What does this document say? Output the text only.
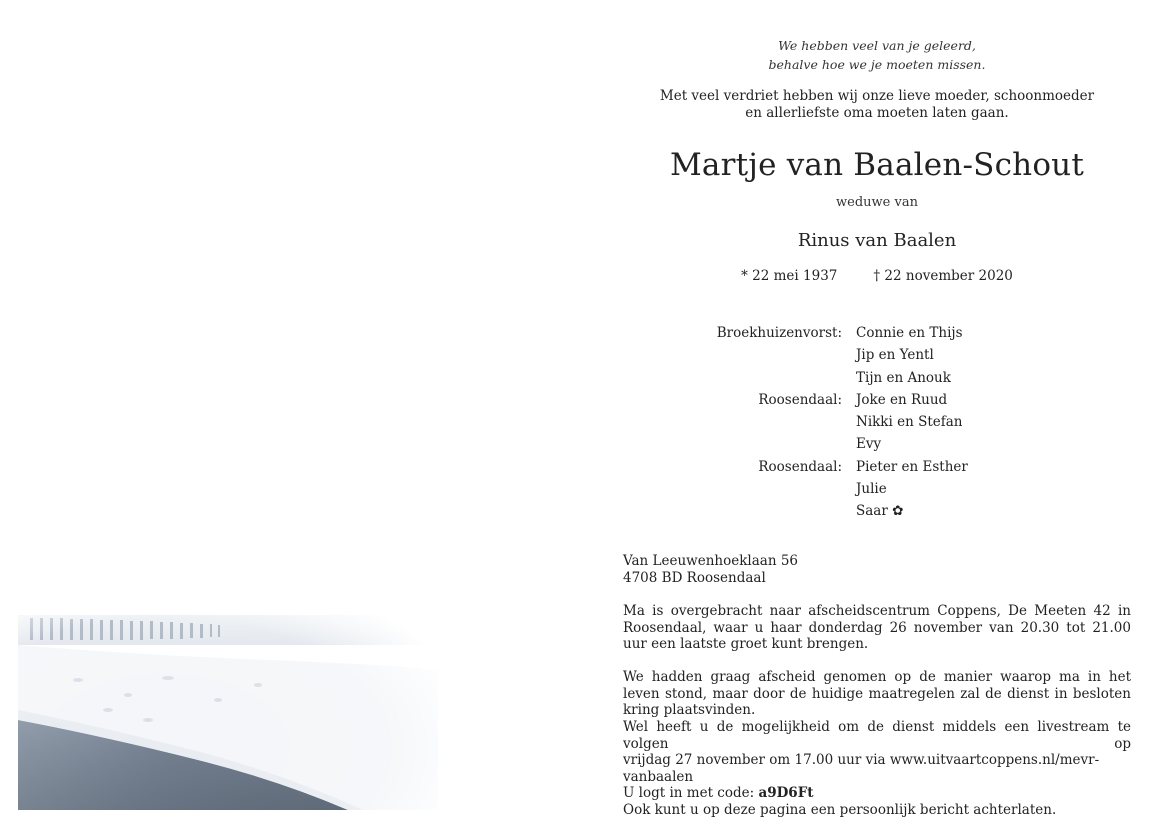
We hebben veel van je geleerd,
behalve hoe we je moeten missen.
Met veel verdriet hebben wij onze lieve moeder, schoonmoeder
en allerliefste oma moeten laten gaan.
Martje van Baalen-Schout
weduwe van
Rinus van Baalen
* 22 mei 1937	† 22 november 2020
Broekhuizenvorst: Connie en Thijs
Jip en Yentl
Tijn en Anouk
Roosendaal: Joke en Ruud
Nikki en Stefan
Evy
Roosendaal: Pieter en Esther
Julie
Saar ✿
Van Leeuwenhoeklaan 56
4708 BD Roosendaal
Ma is overgebracht naar afscheidscentrum Coppens, De Meeten 42 in Roosendaal, waar u haar donderdag 26 november van 20.30 tot 21.00 uur een laatste groet kunt brengen.
We hadden graag afscheid genomen op de manier waarop ma in het leven stond, maar door de huidige maatregelen zal de dienst in besloten kring plaatsvinden.
Wel heeft u de mogelijkheid om de dienst middels een livestream te volgen op
vrijdag 27 november om 17.00 uur via www.uitvaartcoppens.nl/mevr-vanbaalen
U logt in met code: a9D6Ft
Ook kunt u op deze pagina een persoonlijk bericht achterlaten.
